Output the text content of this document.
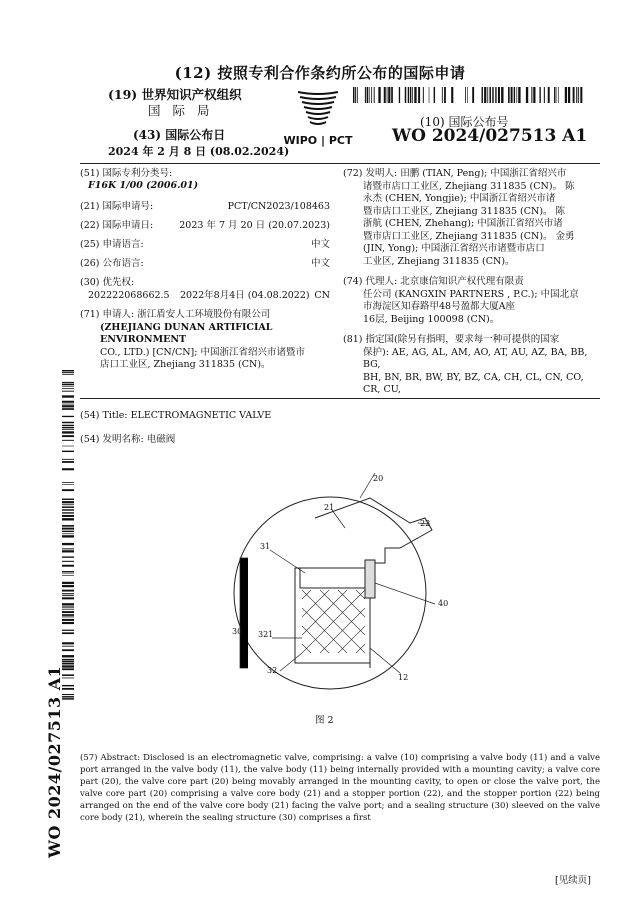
(12) 按照专利合作条约所公布的国际申请
(19) 世界知识产权组织
国 际 局
(43) 国际公布日
2024 年 2 月 8 日 (08.02.2024)
WIPO | PCT
(10) 国际公布号
WO 2024/027513 A1
(51) 国际专利分类号:
F16K 1/00 (2006.01)
(21) 国际申请号:	PCT/CN2023/108463
(22) 国际申请日:	2023 年 7 月 20 日 (20.07.2023)
(25) 申请语言:	中文
(26) 公布语言:	中文
(30) 优先权:
202222068662.5 2022年8月4日 (04.08.2022) CN
(71) 申请人: 浙江盾安人工环境股份有限公司
(ZHEJIANG DUNAN ARTIFICIAL ENVIRONMENT
CO., LTD.) [CN/CN]; 中国浙江省绍兴市诸暨市
店口工业区, Zhejiang 311835 (CN)。
(72) 发明人: 田鹏 (TIAN, Peng); 中国浙江省绍兴市
诸暨市店口工业区, Zhejiang 311835 (CN)。 陈
永杰 (CHEN, Yongjie); 中国浙江省绍兴市诸
暨市店口工业区, Zhejiang 311835 (CN)。 陈
浙航 (CHEN, Zhehang); 中国浙江省绍兴市诸
暨市店口工业区, Zhejiang 311835 (CN)。 金勇
(JIN, Yong); 中国浙江省绍兴市诸暨市店口
工业区, Zhejiang 311835 (CN)。
(74) 代理人: 北京康信知识产权代理有限责
任公司 (KANGXIN PARTNERS , P.C.); 中国北京
市海淀区知春路甲48号盈都大厦A座
16层, Beijing 100098 (CN)。
(81) 指定国(除另有指明，要求每一种可提供的国家
保护): AE, AG, AL, AM, AO, AT, AU, AZ, BA, BB, BG,
BH, BN, BR, BW, BY, BZ, CA, CH, CL, CN, CO, CR, CU,
(54) Title: ELECTROMAGNETIC VALVE
(54) 发明名称: 电磁阀
WO 2024/027513 A1
20
21
22
31
40
30 321
32
12
图 2
(57) Abstract: Disclosed is an electromagnetic valve, comprising: a valve (10) comprising a valve body (11) and a valve port arranged in the valve body (11), the valve body (11) being internally provided with a mounting cavity; a valve core part (20), the valve core part (20) being movably arranged in the mounting cavity, to open or close the valve port, the valve core part (20) comprising a valve core body (21) and a stopper portion (22), and the stopper portion (22) being arranged on the end of the valve core body (21) facing the valve port; and a sealing structure (30) sleeved on the valve core body (21), wherein the sealing structure (30) comprises a first
[见续页]
